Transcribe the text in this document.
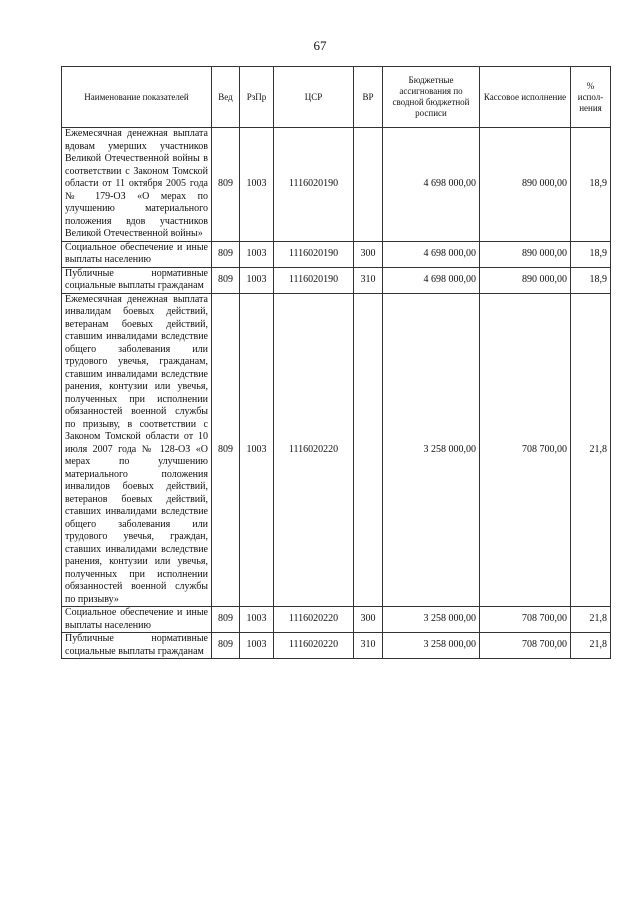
67
Наименование показателей	Вед	РзПр	ЦСР	ВР	Бюджетные ассигнования по сводной бюджетной росписи	Кассовое исполнение	% испол-нения
Ежемесячная денежная выплата вдовам умерших участников Великой Отечественной войны в соответствии с Законом Томской области от 11 октября 2005 года № 179-ОЗ «О мерах по улучшению материального положения вдов участников Великой Отечественной войны»	809	1003	1116020190		4 698 000,00	890 000,00	18,9
Социальное обеспечение и иные выплаты населению	809	1003	1116020190	300	4 698 000,00	890 000,00	18,9
Публичные нормативные социальные выплаты гражданам	809	1003	1116020190	310	4 698 000,00	890 000,00	18,9
Ежемесячная денежная выплата инвалидам боевых действий, ветеранам боевых действий, ставшим инвалидами вследствие общего заболевания или трудового увечья, гражданам, ставшим инвалидами вследствие ранения, контузии или увечья, полученных при исполнении обязанностей военной службы по призыву, в соответствии с Законом Томской области от 10 июля 2007 года № 128-ОЗ «О мерах по улучшению материального положения инвалидов боевых действий, ветеранов боевых действий, ставших инвалидами вследствие общего заболевания или трудового увечья, граждан, ставших инвалидами вследствие ранения, контузии или увечья, полученных при исполнении обязанностей военной службы по призыву»	809	1003	1116020220		3 258 000,00	708 700,00	21,8
Социальное обеспечение и иные выплаты населению	809	1003	1116020220	300	3 258 000,00	708 700,00	21,8
Публичные нормативные социальные выплаты гражданам	809	1003	1116020220	310	3 258 000,00	708 700,00	21,8
